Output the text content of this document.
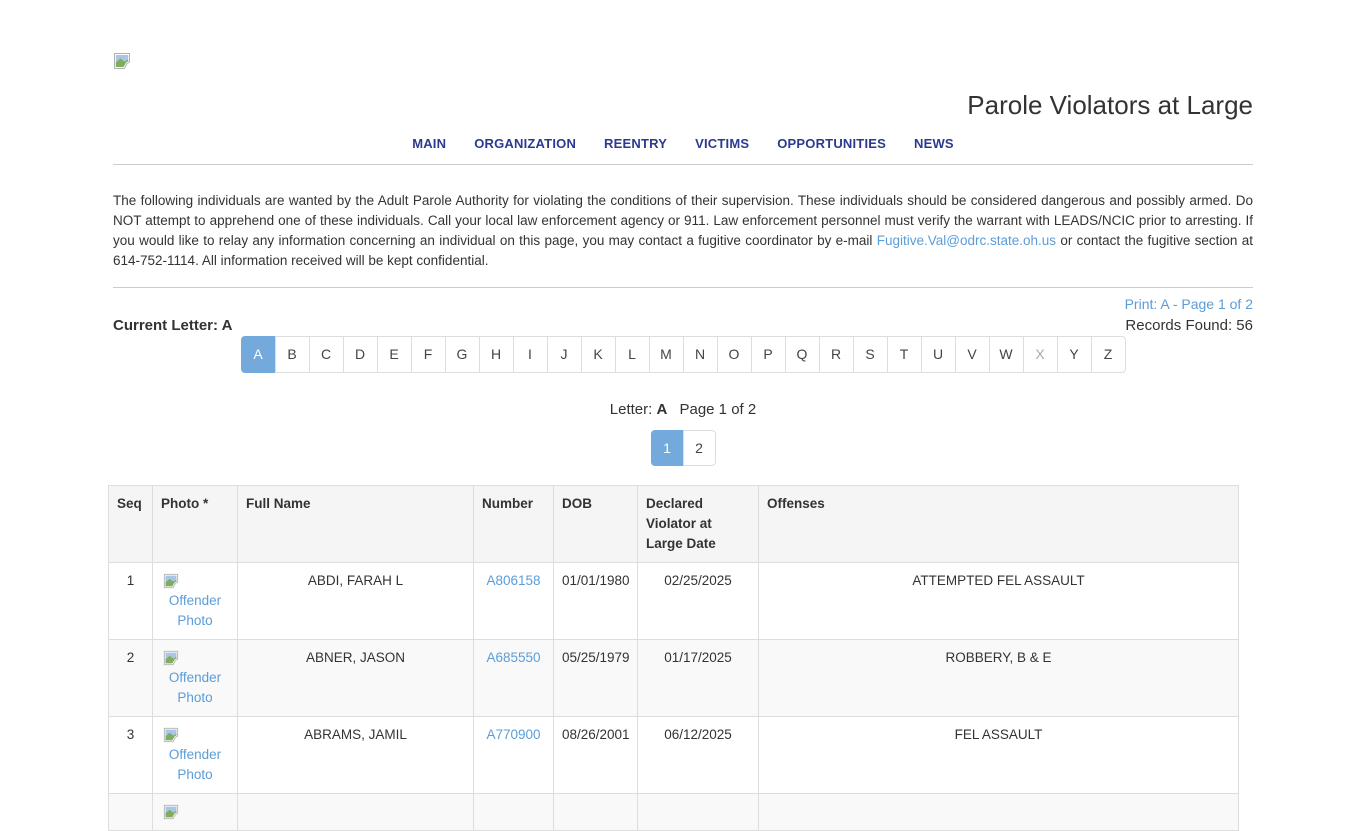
Parole Violators at Large
MAIN ORGANIZATION REENTRY VICTIMS OPPORTUNITIES NEWS

The following individuals are wanted by the Adult Parole Authority for violating the conditions of their supervision. These individuals should be considered dangerous and possibly armed. Do NOT attempt to apprehend one of these individuals. Call your local law enforcement agency or 911. Law enforcement personnel must verify the warrant with LEADS/NCIC prior to arresting. If you would like to relay any information concerning an individual on this page, you may contact a fugitive coordinator by e-mail Fugitive.Val@odrc.state.oh.us or contact the fugitive section at 614-752-1114. All information received will be kept confidential.

Print: A - Page 1 of 2
Current Letter: A	Records Found: 56
A	B	C	D	E	F	G	H	I	J	K	L	M	N	O	P	Q	R	S	T	U	V	W	X	Y	Z
Letter: A Page 1 of 2
1	2
Seq	Photo *	Full Name	Number	DOB	Declared Violator at Large Date	Offenses
1	Offender Photo	ABDI, FARAH L	A806158	01/01/1980	02/25/2025	ATTEMPTED FEL ASSAULT
2	Offender Photo	ABNER, JASON	A685550	05/25/1979	01/17/2025	ROBBERY, B & E
3	Offender Photo	ABRAMS, JAMIL	A770900	08/26/2001	06/12/2025	FEL ASSAULT
